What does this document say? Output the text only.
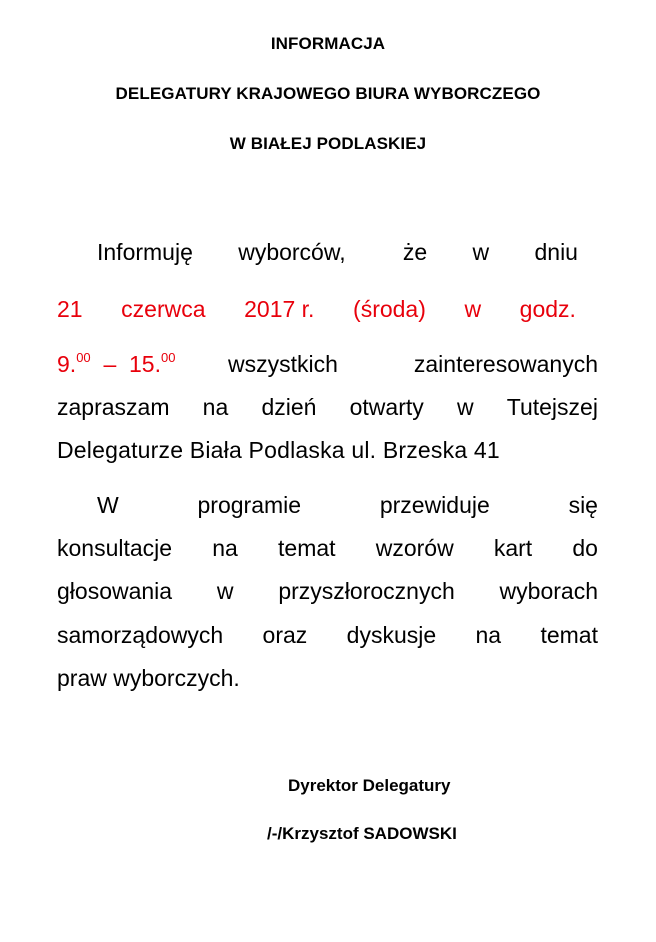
INFORMACJA
DELEGATURY KRAJOWEGO BIURA WYBORCZEGO
W BIAŁEJ PODLASKIEJ
Informuję wyborców, że w dniu
21 czerwca 2017 r. (środa) w godz.
9.00 – 15.00 wszystkich	zainteresowanych
zapraszam na dzień otwarty w Tutejszej
Delegaturze Biała Podlaska ul. Brzeska 41
W	programie	przewiduje	się
konsultacje na temat wzorów kart do
głosowania w przyszłorocznych wyborach
samorządowych oraz dyskusje na temat
praw wyborczych.
Dyrektor Delegatury
/-/Krzysztof SADOWSKI
